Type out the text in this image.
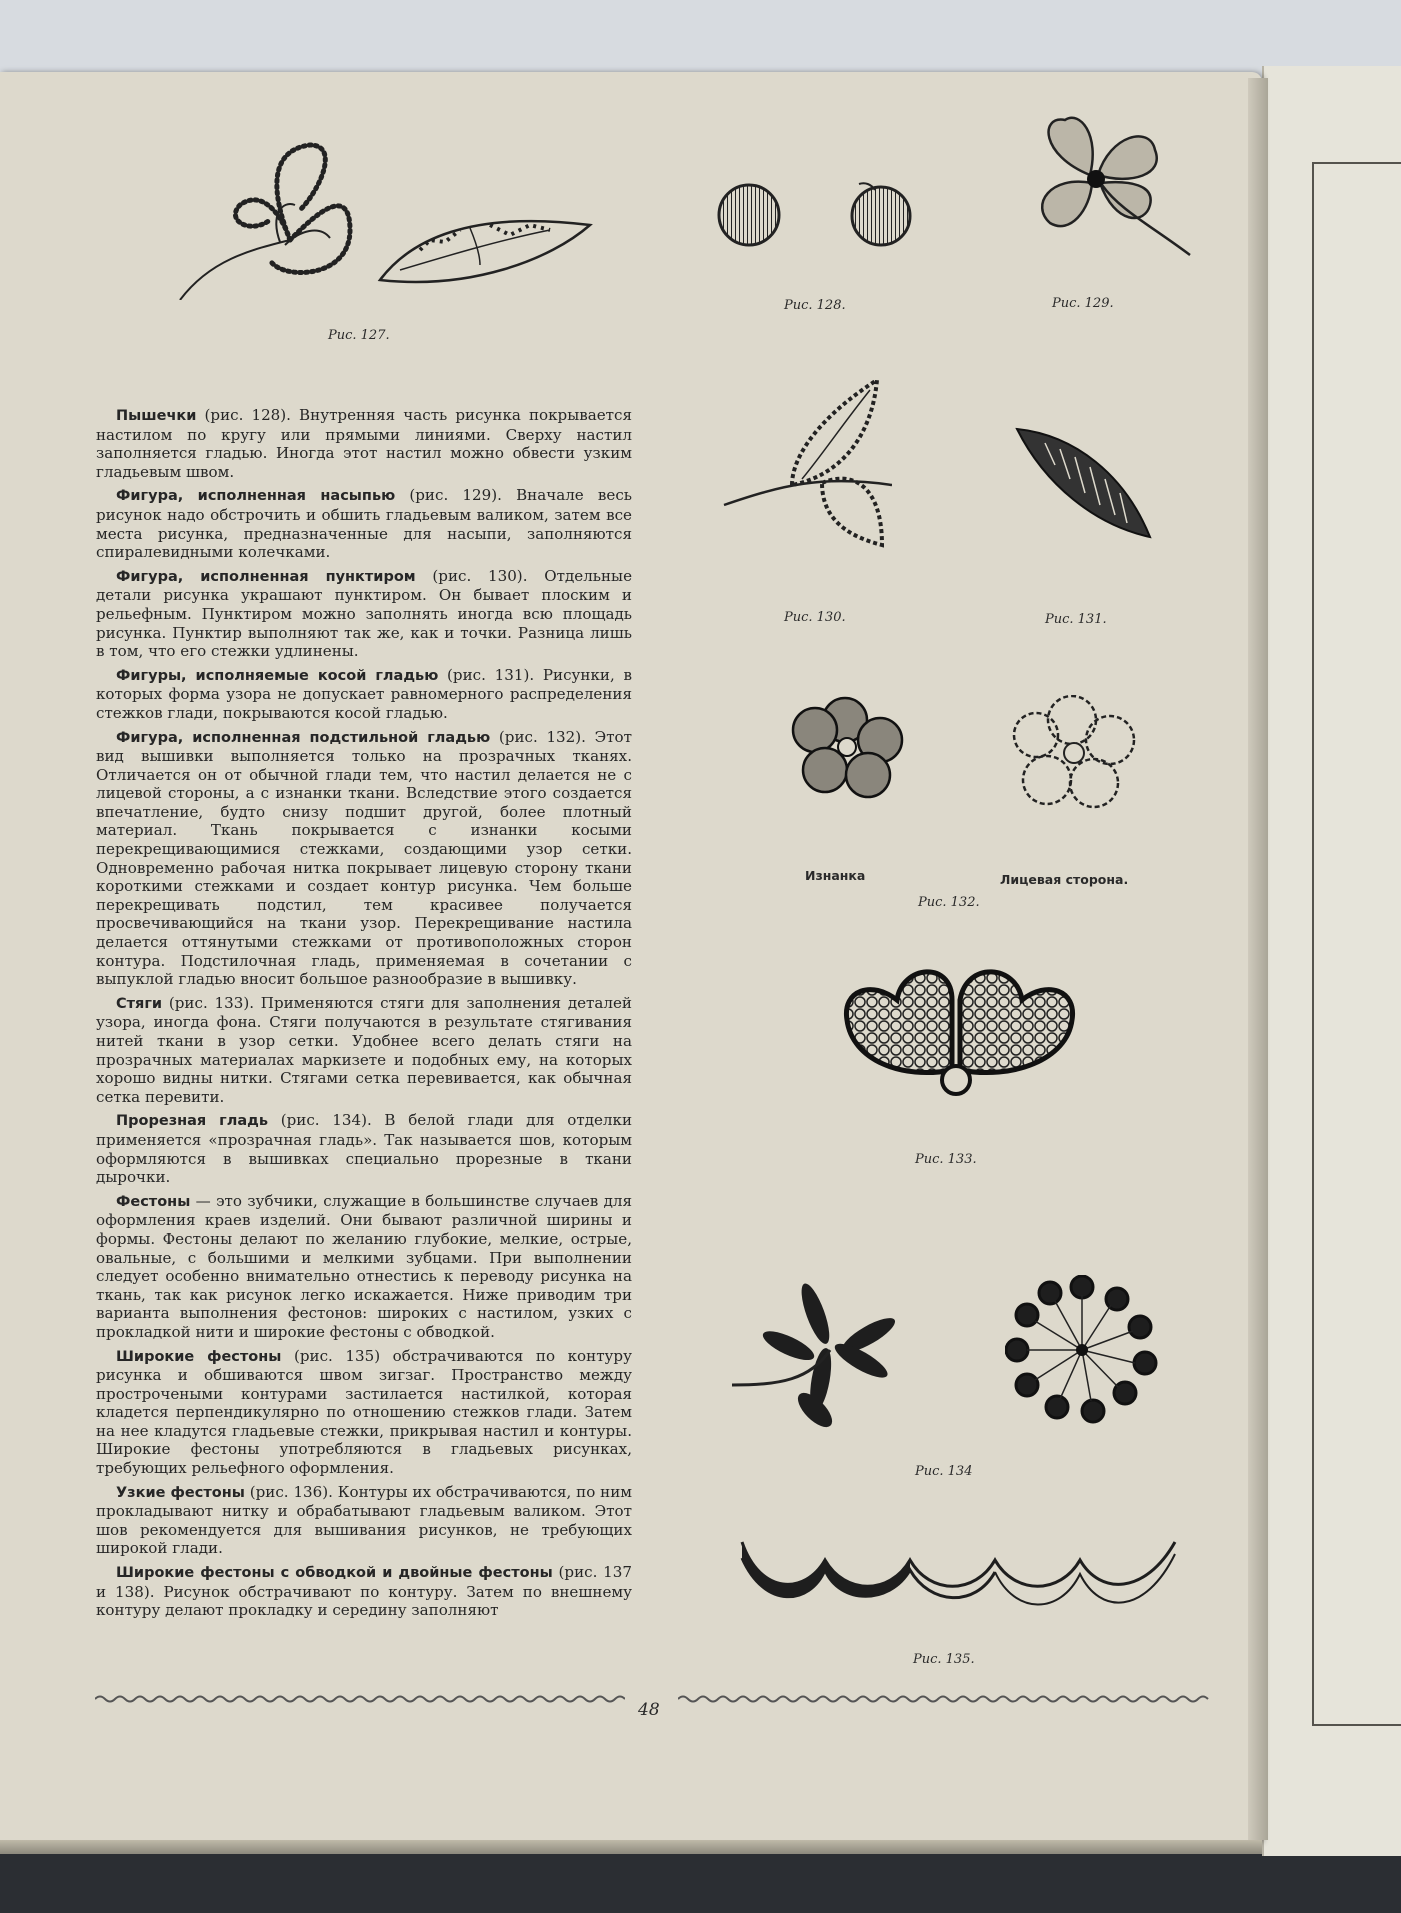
Рис. 127.
Рис. 128.	Рис. 129.
Рис. 130.	Рис. 131.
Изнанка	Лицевая сторона.
Рис. 132.
Рис. 133.
Рис. 134
Рис. 135.

Пышечки (рис. 128). Внутренняя часть рисунка покрывается настилом по кругу или прямыми линиями. Сверху настил заполняется гладью. Иногда этот настил можно обвести узким гладьевым швом.

Фигура, исполненная насыпью (рис. 129). Вначале весь рисунок надо обстрочить и обшить гладьевым валиком, затем все места рисунка, предназначенные для насыпи, заполняются спиралевидными колечками.

Фигура, исполненная пунктиром (рис. 130). Отдельные детали рисунка украшают пунктиром. Он бывает плоским и рельефным. Пунктиром можно заполнять иногда всю площадь рисунка. Пунктир выполняют так же, как и точки. Разница лишь в том, что его стежки удлинены.

Фигуры, исполняемые косой гладью (рис. 131). Рисунки, в которых форма узора не допускает равномерного распределения стежков глади, покрываются косой гладью.

Фигура, исполненная подстильной гладью (рис. 132). Этот вид вышивки выполняется только на прозрачных тканях. Отличается он от обычной глади тем, что настил делается не с лицевой стороны, а с изнанки ткани. Вследствие этого создается впечатление, будто снизу подшит другой, более плотный материал. Ткань покрывается с изнанки косыми перекрещивающимися стежками, создающими узор сетки. Одновременно рабочая нитка покрывает лицевую сторону ткани короткими стежками и создает контур рисунка. Чем больше перекрещивать подстил, тем красивее получается просвечивающийся на ткани узор. Перекрещивание настила делается оттянутыми стежками от противоположных сторон контура. Подстилочная гладь, применяемая в сочетании с выпуклой гладью вносит большое разнообразие в вышивку.

Стяги (рис. 133). Применяются стяги для заполнения деталей узора, иногда фона. Стяги получаются в результате стягивания нитей ткани в узор сетки. Удобнее всего делать стяги на прозрачных материалах маркизете и подобных ему, на которых хорошо видны нитки. Стягами сетка перевивается, как обычная сетка перевити.

Прорезная гладь (рис. 134). В белой глади для отделки применяется «прозрачная гладь». Так называется шов, которым оформляются в вышивках специально прорезные в ткани дырочки.

Фестоны — это зубчики, служащие в большинстве случаев для оформления краев изделий. Они бывают различной ширины и формы. Фестоны делают по желанию глубокие, мелкие, острые, овальные, с большими и мелкими зубцами. При выполнении следует особенно внимательно отнестись к переводу рисунка на ткань, так как рисунок легко искажается. Ниже приводим три варианта выполнения фестонов: широких с настилом, узких с прокладкой нити и широкие фестоны с обводкой.

Широкие фестоны (рис. 135) обстрачиваются по контуру рисунка и обшиваются швом зигзаг. Пространство между прострочеными контурами застилается настилкой, которая кладется перпендикулярно по отношению стежков глади. Затем на нее кладутся гладьевые стежки, прикрывая настил и контуры. Широкие фестоны употребляются в гладьевых рисунках, требующих рельефного оформления.

Узкие фестоны (рис. 136). Контуры их обстрачиваются, по ним прокладывают нитку и обрабатывают гладьевым валиком. Этот шов рекомендуется для вышивания рисунков, не требующих широкой глади.

Широкие фестоны с обводкой и двойные фестоны (рис. 137 и 138). Рисунок обстрачивают по контуру. Затем по внешнему контуру делают прокладку и середину заполняют

48
